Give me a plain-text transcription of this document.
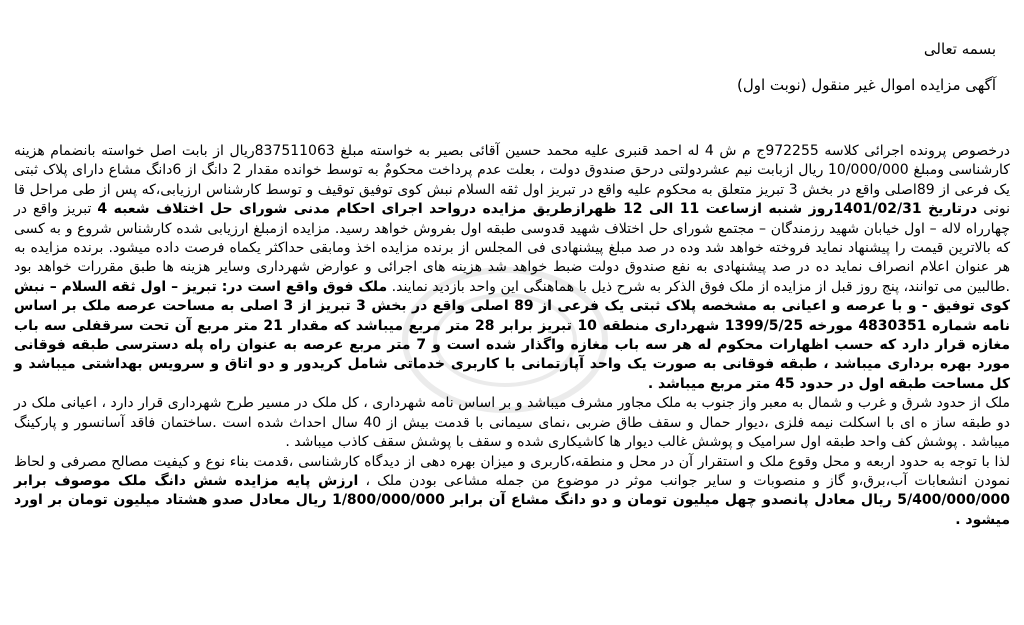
بسمه تعالی
آگهی مزایده اموال غیر منقول (نوبت اول)

درخصوص پرونده اجرائی کلاسه 972255ج م ش 4 له احمد قنبری علیه محمد حسین آقائی بصیر به خواسته مبلغ 837511063ریال از بابت اصل خواسته بانضمام هزینه کارشناسی ومبلغ 10/000/000 ریال ازبابت نیم عشردولتی درحق صندوق دولت ، بعلت عدم پرداخت محکومٌ به توسط خوانده مقدار 2 دانگ از 6دانگ مشاع دارای پلاک ثبتی یک فرعی از 89اصلی واقع در بخش 3 تبریز متعلق به محکوم علیه واقع در تبریز اول ثقه السلام نبش کوی توفیق توقیف و توسط کارشناس ارزیابی،که پس از طی مراحل قا نونی درتاریخ 1401/02/31روز شنبه ازساعت 11 الی 12 ظهرازطریق مزایده درواحد اجرای احکام مدنی شورای حل اختلاف شعبه 4 تبریز واقع در چهارراه لاله – اول خیابان شهید رزمندگان – مجتمع شورای حل اختلاف شهید قدوسی طبقه اول بفروش خواهد رسید. مزایده ازمبلغ ارزیابی شده کارشناس شروع و به کسی که بالاترین قیمت را پیشنهاد نماید فروخته خواهد شد وده در صد مبلغ پیشنهادی فی المجلس از برنده مزایده اخذ ومابقی حداکثر یکماه فرصت داده میشود. برنده مزایده به هر عنوان اعلام انصراف نماید ده در صد پیشنهادی به نفع صندوق دولت ضبط خواهد شد هزینه های اجرائی و عوارض شهرداری وسایر هزینه ها طبق مقررات خواهد بود .طالبین می توانند، پنج روز قبل از مزایده از ملک فوق الذکر به شرح ذیل با هماهنگی این واحد بازدید نمایند. ملک فوق واقع است در: تبریز – اول ثقه السلام – نبش کوی توفیق - و با عرصه و اعیانی به مشخصه پلاک ثبتی یک فرعی از 89 اصلی واقع در بخش 3 تبریز از 3 اصلی به مساحت عرصه ملک بر اساس نامه شماره 4830351 مورخه 1399/5/25 شهرداری منطقه 10 تبریز برابر 28 متر مربع میباشد که مقدار 21 متر مربع آن تحت سرقفلی سه باب مغازه قرار دارد که حسب اظهارات محکوم له هر سه باب مغازه واگذار شده است و 7 متر مربع عرصه به عنوان راه پله دسترسی طبقه فوقانی مورد بهره برداری میباشد ، طبقه فوقانی به صورت یک واحد آپارتمانی با کاربری خدماتی شامل کریدور و دو اتاق و سرویس بهداشتی میباشد و کل مساحت طبقه اول در حدود 45 متر مربع میباشد .

ملک از حدود شرق و غرب و شمال به معبر واز جنوب به ملک مجاور مشرف میباشد و بر اساس نامه شهرداری ، کل ملک در مسیر طرح شهرداری قرار دارد ، اعیانی ملک در دو طبقه ساز ه ای با اسکلت نیمه فلزی ،دیوار حمال و سقف طاق ضربی ،نمای سیمانی با قدمت بیش از 40 سال احداث شده است .ساختمان فاقد آسانسور و پارکینگ میباشد . پوشش کف واحد طبقه اول سرامیک و پوشش غالب دیوار ها کاشیکاری شده و سقف با پوشش سقف کاذب میباشد .

لذا با توجه به حدود اربعه و محل وقوع ملک و استقرار آن در محل و منطقه،کاربری و میزان بهره دهی از دیدگاه کارشناسی ،قدمت بناء نوع و کیفیت مصالح مصرفی و لحاظ نمودن انشعابات آب،برق،و گاز و منصوبات و سایر جوانب موثر در موضوع من جمله مشاعی بودن ملک ، ارزش پایه مزایده شش دانگ ملک موصوف برابر 5/400/000/000 ریال معادل پانصدو چهل میلیون تومان و دو دانگ مشاع آن برابر 1/800/000/000 ریال معادل صدو هشتاد میلیون تومان بر اورد میشود .
